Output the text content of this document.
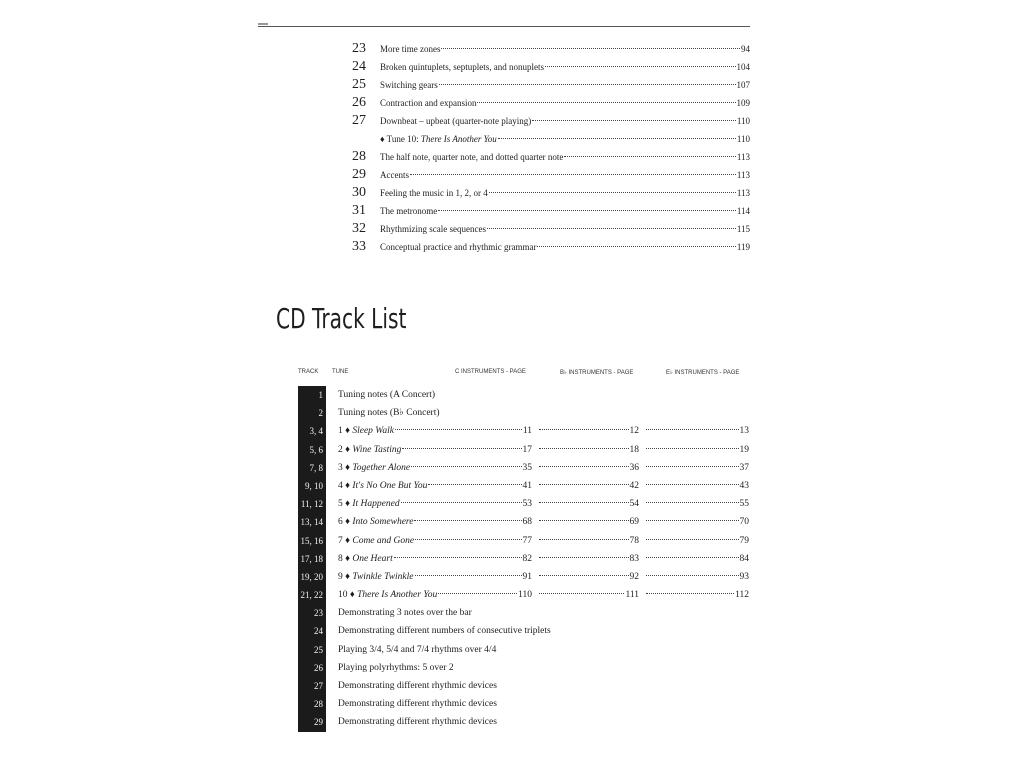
23 More time zones	94
24 Broken quintuplets, septuplets, and nonuplets	104
25 Switching gears	107
26 Contraction and expansion	109
27 Downbeat – upbeat (quarter-note playing)	110
♦ Tune 10: There Is Another You	110
28 The half note, quarter note, and dotted quarter note	113
29 Accents	113
30 Feeling the music in 1, 2, or 4	113
31 The metronome	114
32 Rhythmizing scale sequences	115
33 Conceptual practice and rhythmic grammar	119
CD Track List
TRACK TUNE	C INSTRUMENTS - PAGE	B♭ INSTRUMENTS - PAGE	E♭ INSTRUMENTS - PAGE
1	Tuning notes (A Concert)
2	Tuning notes (B♭ Concert)
3, 4	1 ♦ Sleep Walk	11	12	13
5, 6	2 ♦ Wine Tasting	17	18	19
7, 8	3 ♦ Together Alone	35	36	37
9, 10	4 ♦ It's No One But You	41	42	43
11, 12	5 ♦ It Happened	53	54	55
13, 14	6 ♦ Into Somewhere	68	69	70
15, 16	7 ♦ Come and Gone	77	78	79
17, 18	8 ♦ One Heart	82	83	84
19, 20	9 ♦ Twinkle Twinkle	91	92	93
21, 22	10 ♦ There Is Another You	110	111	112
23	Demonstrating 3 notes over the bar
24	Demonstrating different numbers of consecutive triplets
25	Playing 3/4, 5/4 and 7/4 rhythms over 4/4
26	Playing polyrhythms: 5 over 2
27	Demonstrating different rhythmic devices
28	Demonstrating different rhythmic devices
29	Demonstrating different rhythmic devices
